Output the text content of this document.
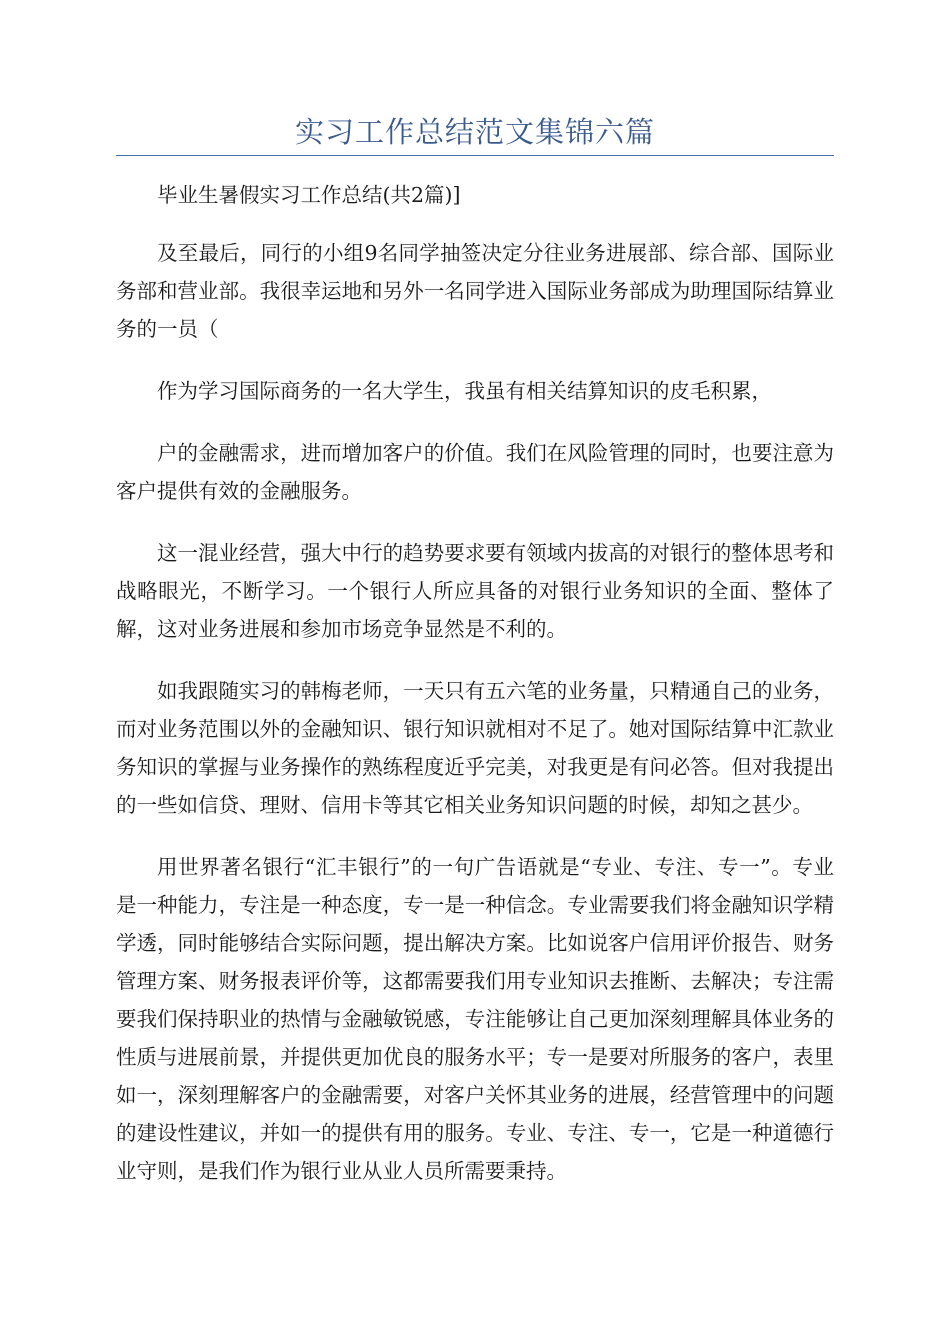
实习工作总结范文集锦六篇

毕业生暑假实习工作总结(共2篇)]

及至最后，同行的小组9名同学抽签决定分往业务进展部、综合部、国际业务部和营业部。我很幸运地和另外一名同学进入国际业务部成为助理国际结算业务的一员（

作为学习国际商务的一名大学生，我虽有相关结算知识的皮毛积累，

户的金融需求，进而增加客户的价值。我们在风险管理的同时，也要注意为客户提供有效的金融服务。

这一混业经营，强大中行的趋势要求要有领域内拔高的对银行的整体思考和战略眼光，不断学习。一个银行人所应具备的对银行业务知识的全面、整体了解，这对业务进展和参加市场竞争显然是不利的。

如我跟随实习的韩梅老师，一天只有五六笔的业务量，只精通自己的业务，而对业务范围以外的金融知识、银行知识就相对不足了。她对国际结算中汇款业务知识的掌握与业务操作的熟练程度近乎完美，对我更是有问必答。但对我提出的一些如信贷、理财、信用卡等其它相关业务知识问题的时候，却知之甚少。

用世界著名银行“汇丰银行”的一句广告语就是“专业、专注、专一”。专业是一种能力，专注是一种态度，专一是一种信念。专业需要我们将金融知识学精学透，同时能够结合实际问题，提出解决方案。比如说客户信用评价报告、财务管理方案、财务报表评价等，这都需要我们用专业知识去推断、去解决；专注需要我们保持职业的热情与金融敏锐感，专注能够让自己更加深刻理解具体业务的性质与进展前景，并提供更加优良的服务水平；专一是要对所服务的客户，表里如一，深刻理解客户的金融需要，对客户关怀其业务的进展，经营管理中的问题的建设性建议，并如一的提供有用的服务。专业、专注、专一，它是一种道德行业守则，是我们作为银行业从业人员所需要秉持。
